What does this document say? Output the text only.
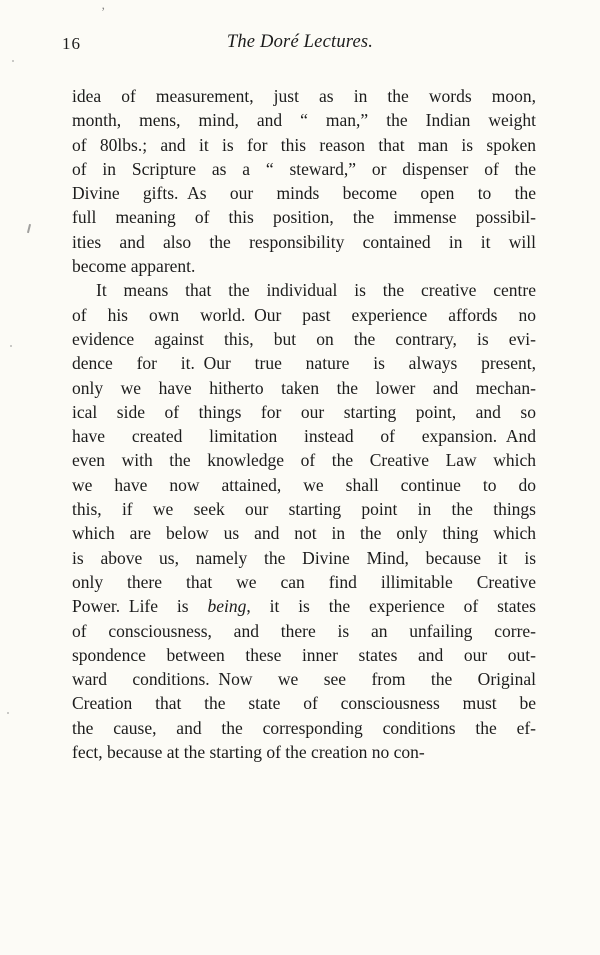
16	The Doré Lectures.
idea of measurement, just as in the words moon,
month, mens, mind, and “ man,” the Indian weight
of 80lbs.; and it is for this reason that man is spoken
of in Scripture as a “ steward,” or dispenser of the
Divine gifts. As our minds become open to the
full meaning of this position, the immense possibil-
ities and also the responsibility contained in it will
become apparent.
It means that the individual is the creative centre
of his own world. Our past experience affords no
evidence against this, but on the contrary, is evi-
dence for it. Our true nature is always present,
only we have hitherto taken the lower and mechan-
ical side of things for our starting point, and so
have created limitation instead of expansion. And
even with the knowledge of the Creative Law which
we have now attained, we shall continue to do
this, if we seek our starting point in the things
which are below us and not in the only thing which
is above us, namely the Divine Mind, because it is
only there that we can find illimitable Creative
Power. Life is being, it is the experience of states
of consciousness, and there is an unfailing corre-
spondence between these inner states and our out-
ward conditions. Now we see from the Original
Creation that the state of consciousness must be
the cause, and the corresponding conditions the ef-
fect, because at the starting of the creation no con-
’
